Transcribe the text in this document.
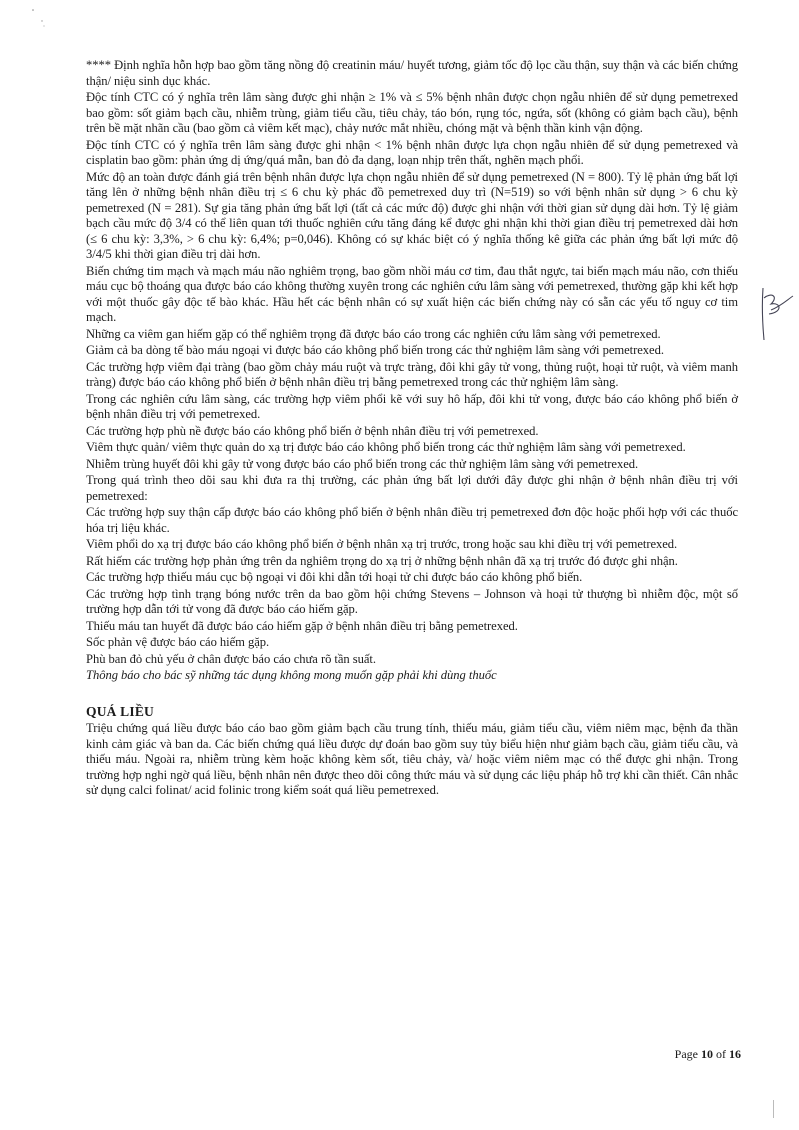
**** Định nghĩa hỗn hợp bao gồm tăng nồng độ creatinin máu/ huyết tương, giảm tốc độ lọc cầu thận, suy thận và các biến chứng thận/ niệu sinh dục khác.

Độc tính CTC có ý nghĩa trên lâm sàng được ghi nhận ≥ 1% và ≤ 5% bệnh nhân được chọn ngẫu nhiên để sử dụng pemetrexed bao gồm: sốt giảm bạch cầu, nhiễm trùng, giảm tiểu cầu, tiêu chảy, táo bón, rụng tóc, ngứa, sốt (không có giảm bạch cầu), bệnh trên bề mặt nhãn cầu (bao gồm cả viêm kết mạc), chảy nước mắt nhiều, chóng mặt và bệnh thần kinh vận động.

Độc tính CTC có ý nghĩa trên lâm sàng được ghi nhận < 1% bệnh nhân được lựa chọn ngẫu nhiên để sử dụng pemetrexed và cisplatin bao gồm: phản ứng dị ứng/quá mẫn, ban đỏ đa dạng, loạn nhịp trên thất, nghẽn mạch phổi.

Mức độ an toàn được đánh giá trên bệnh nhân được lựa chọn ngẫu nhiên để sử dụng pemetrexed (N = 800). Tỷ lệ phản ứng bất lợi tăng lên ở những bệnh nhân điều trị ≤ 6 chu kỳ phác đồ pemetrexed duy trì (N=519) so với bệnh nhân sử dụng > 6 chu kỳ pemetrexed (N = 281). Sự gia tăng phản ứng bất lợi (tất cả các mức độ) được ghi nhận với thời gian sử dụng dài hơn. Tỷ lệ giảm bạch cầu mức độ 3/4 có thể liên quan tới thuốc nghiên cứu tăng đáng kể được ghi nhận khi thời gian điều trị pemetrexed dài hơn (≤ 6 chu kỳ: 3,3%, > 6 chu kỳ: 6,4%; p=0,046). Không có sự khác biệt có ý nghĩa thống kê giữa các phản ứng bất lợi mức độ 3/4/5 khi thời gian điều trị dài hơn.

Biến chứng tim mạch và mạch máu não nghiêm trọng, bao gồm nhồi máu cơ tim, đau thắt ngực, tai biến mạch máu não, cơn thiếu máu cục bộ thoáng qua được báo cáo không thường xuyên trong các nghiên cứu lâm sàng với pemetrexed, thường gặp khi kết hợp với một thuốc gây độc tế bào khác. Hầu hết các bệnh nhân có sự xuất hiện các biến chứng này có sẵn các yếu tố nguy cơ tim mạch.

Những ca viêm gan hiếm gặp có thể nghiêm trọng đã được báo cáo trong các nghiên cứu lâm sàng với pemetrexed.

Giảm cả ba dòng tế bào máu ngoại vi được báo cáo không phổ biến trong các thử nghiệm lâm sàng với pemetrexed.

Các trường hợp viêm đại tràng (bao gồm chảy máu ruột và trực tràng, đôi khi gây tử vong, thủng ruột, hoại tử ruột, và viêm manh tràng) được báo cáo không phổ biến ở bệnh nhân điều trị bằng pemetrexed trong các thử nghiệm lâm sàng.

Trong các nghiên cứu lâm sàng, các trường hợp viêm phổi kẽ với suy hô hấp, đôi khi tử vong, được báo cáo không phổ biến ở bệnh nhân điều trị với pemetrexed.

Các trường hợp phù nề được báo cáo không phổ biến ở bệnh nhân điều trị với pemetrexed.

Viêm thực quản/ viêm thực quản do xạ trị được báo cáo không phổ biến trong các thử nghiệm lâm sàng với pemetrexed.

Nhiễm trùng huyết đôi khi gây tử vong được báo cáo phổ biến trong các thử nghiệm lâm sàng với pemetrexed.

Trong quá trình theo dõi sau khi đưa ra thị trường, các phản ứng bất lợi dưới đây được ghi nhận ở bệnh nhân điều trị với pemetrexed:

Các trường hợp suy thận cấp được báo cáo không phổ biến ở bệnh nhân điều trị pemetrexed đơn độc hoặc phối hợp với các thuốc hóa trị liệu khác.

Viêm phổi do xạ trị được báo cáo không phổ biến ở bệnh nhân xạ trị trước, trong hoặc sau khi điều trị với pemetrexed.

Rất hiếm các trường hợp phản ứng trên da nghiêm trọng do xạ trị ở những bệnh nhân đã xạ trị trước đó được ghi nhận.

Các trường hợp thiếu máu cục bộ ngoại vi đôi khi dẫn tới hoại tử chi được báo cáo không phổ biến.

Các trường hợp tình trạng bóng nước trên da bao gồm hội chứng Stevens – Johnson và hoại tử thượng bì nhiễm độc, một số trường hợp dẫn tới tử vong đã được báo cáo hiếm gặp.

Thiếu máu tan huyết đã được báo cáo hiếm gặp ở bệnh nhân điều trị bằng pemetrexed.

Sốc phản vệ được báo cáo hiếm gặp.

Phù ban đỏ chủ yếu ở chân được báo cáo chưa rõ tần suất.

Thông báo cho bác sỹ những tác dụng không mong muốn gặp phải khi dùng thuốc

QUÁ LIỀU

Triệu chứng quá liều được báo cáo bao gồm giảm bạch cầu trung tính, thiếu máu, giảm tiểu cầu, viêm niêm mạc, bệnh đa thần kinh cảm giác và ban da. Các biến chứng quá liều được dự đoán bao gồm suy tủy biểu hiện như giảm bạch cầu, giảm tiểu cầu, và thiếu máu. Ngoài ra, nhiễm trùng kèm hoặc không kèm sốt, tiêu chảy, và/ hoặc viêm niêm mạc có thể được ghi nhận. Trong trường hợp nghi ngờ quá liều, bệnh nhân nên được theo dõi công thức máu và sử dụng các liệu pháp hỗ trợ khi cần thiết. Cân nhắc sử dụng calci folinat/ acid folinic trong kiểm soát quá liều pemetrexed.

Page 10 of 16
